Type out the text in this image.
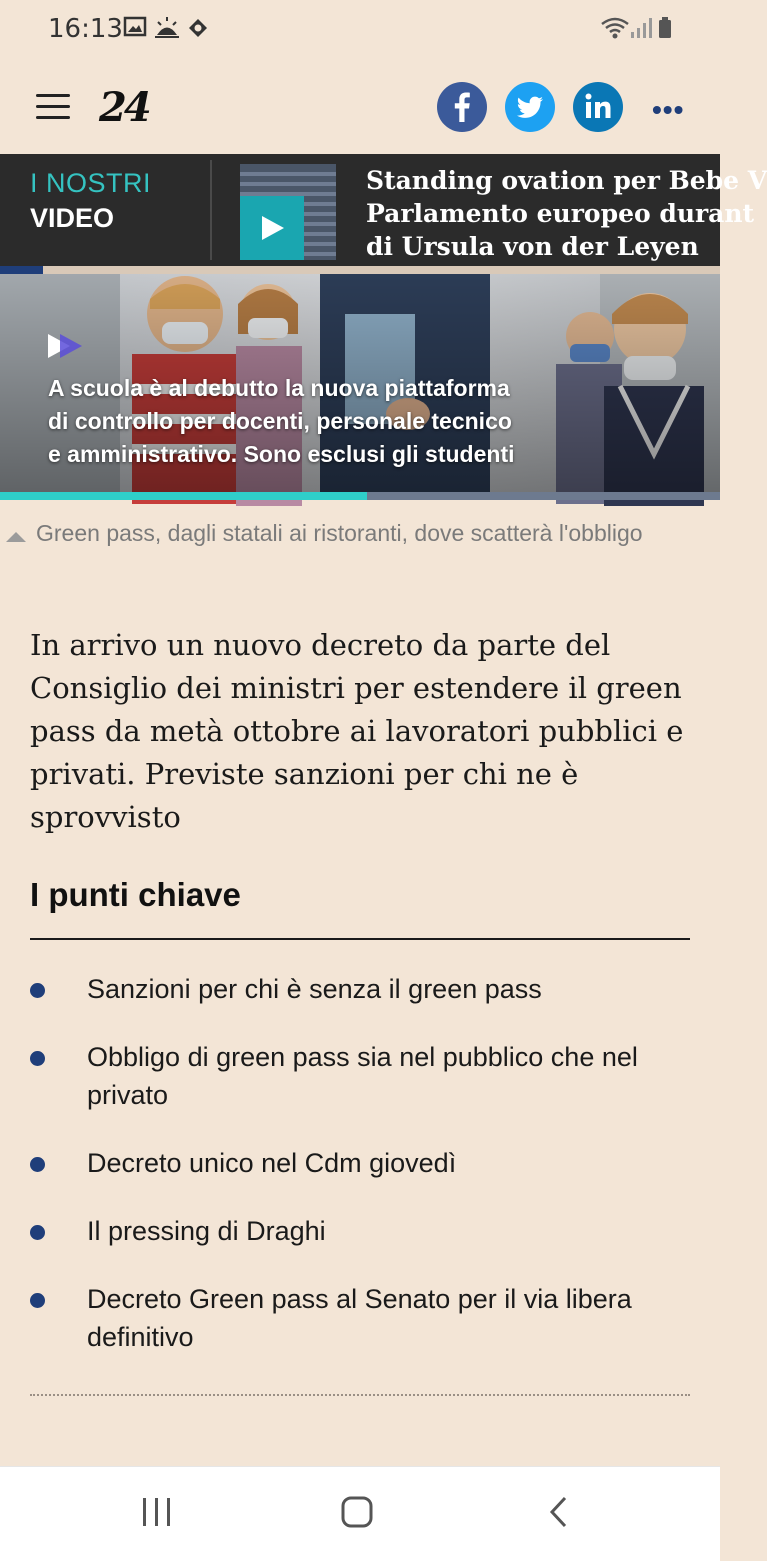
16:13
24	•••
I NOSTRI
VIDEO
Standing ovation per Bebe V
Parlamento europeo durant
di Ursula von der Leyen
A scuola è al debutto la nuova piattaforma
di controllo per docenti, personale tecnico
e amministrativo. Sono esclusi gli studenti
Green pass, dagli statali ai ristoranti, dove scatterà l'obbligo
In arrivo un nuovo decreto da parte del Consiglio dei ministri per estendere il green pass da metà ottobre ai lavoratori pubblici e privati. Previste sanzioni per chi ne è sprovvisto
I punti chiave
Sanzioni per chi è senza il green pass
Obbligo di green pass sia nel pubblico che nel privato
Decreto unico nel Cdm giovedì
Il pressing di Draghi
Decreto Green pass al Senato per il via libera definitivo
